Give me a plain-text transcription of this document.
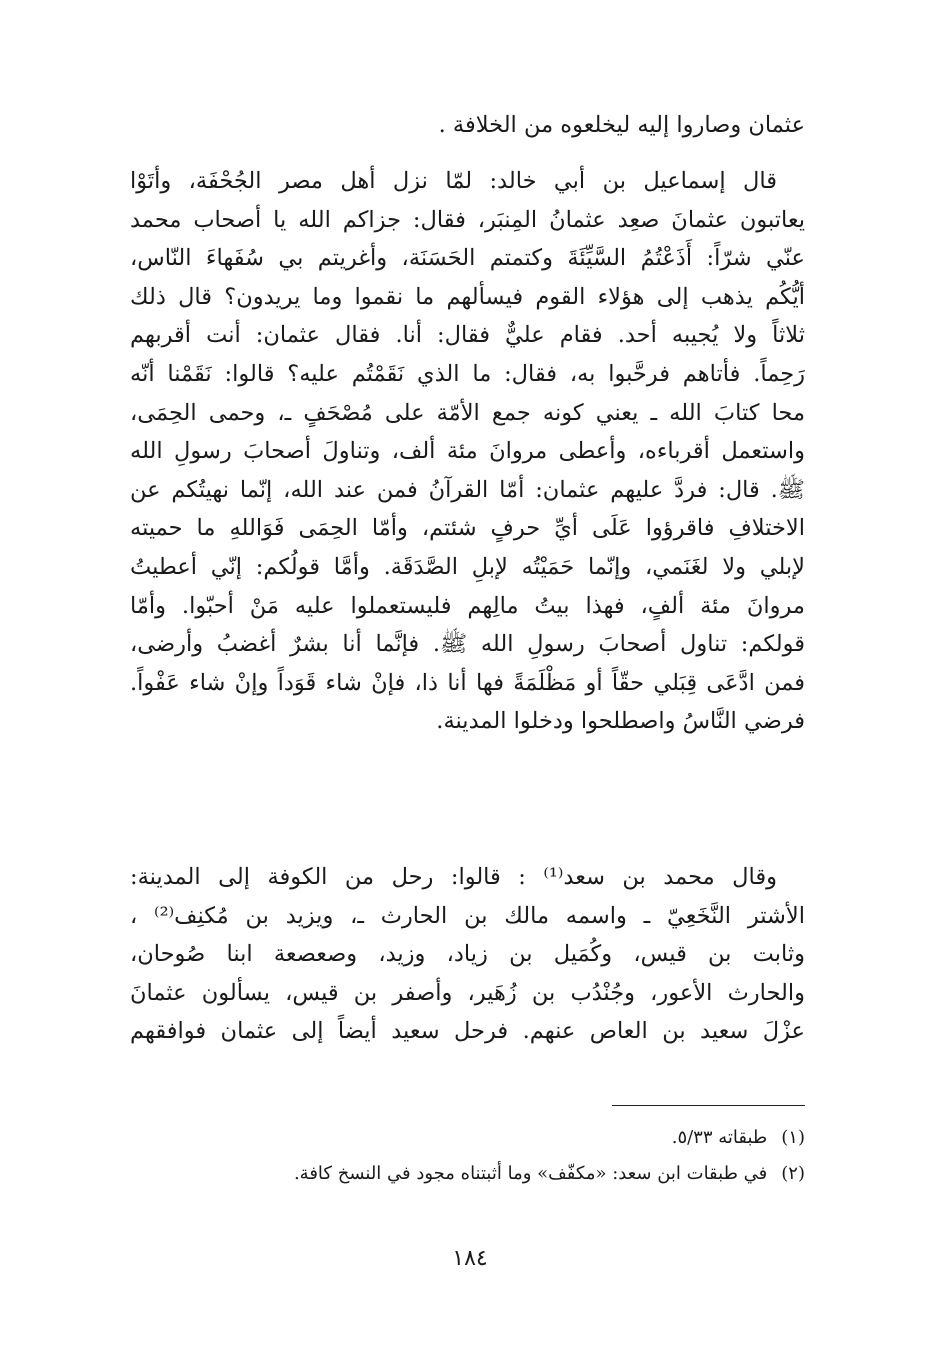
عثمان وصاروا إليه ليخلعوه من الخلافة .
قال إسماعيل بن أبي خالد: لمّا نزل أهل مصر الجُحْفَة، وأتَوْا
يعاتبون عثمانَ صعِد عثمانُ المِنبَر، فقال: جزاكم الله يا أصحاب محمد
عنّي شرّاً: أَذَعْتُمُ السَّيِّئَةَ وكتمتم الحَسَنَة، وأغريتم بي سُفَهاءَ النّاس،
أيُّكُم يذهب إلى هؤلاء القوم فيسألهم ما نقموا وما يريدون؟ قال ذلك
ثلاثاً ولا يُجيبه أحد. فقام عليٌّ فقال: أنا. فقال عثمان: أنت أقربهم
رَحِماً. فأتاهم فرحَّبوا به، فقال: ما الذي نَقَمْتُم عليه؟ قالوا: نَقَمْنا أنّه
محا كتابَ الله ـ يعني كونه جمع الأمّة على مُصْحَفٍ ـ، وحمى الحِمَى،
واستعمل أقرباءه، وأعطى مروانَ مئة ألف، وتناولَ أصحابَ رسولِ الله
ﷺ. قال: فردَّ عليهم عثمان: أمّا القرآنُ فمن عند الله، إنّما نهيتُكم عن
الاختلافِ فاقرؤوا عَلَى أيِّ حرفٍ شئتم، وأمّا الحِمَى فَوَاللهِ ما حميته
لإبلي ولا لغَنَمي، وإنّما حَمَيْتُه لإبلِ الصَّدَقَة. وأمَّا قولُكم: إنّي أعطيتُ
مروانَ مئة ألفٍ، فهذا بيتُ مالِهم فليستعملوا عليه مَنْ أحبّوا. وأمّا
قولكم: تناول أصحابَ رسولِ الله ﷺ. فإنَّما أنا بشرٌ أغضبُ وأرضى،
فمن ادَّعَى قِبَلي حقّاً أو مَظْلَمَةً فها أنا ذا، فإنْ شاء قَوَداً وإنْ شاء عَفْواً.
فرضي النَّاسُ واصطلحوا ودخلوا المدينة.
وقال محمد بن سعد⁽¹⁾ : قالوا: رحل من الكوفة إلى المدينة:
الأشتر النَّخَعِيّ ـ واسمه مالك بن الحارث ـ، ويزيد بن مُكنِف⁽²⁾ ،
وثابت بن قيس، وكُمَيل بن زياد، وزيد، وصعصعة ابنا صُوحان،
والحارث الأعور، وجُنْدُب بن زُهَير، وأصفر بن قيس، يسألون عثمانَ
عزْلَ سعيد بن العاص عنهم. فرحل سعيد أيضاً إلى عثمان فوافقهم
(١)طبقاته ٥/٣٣.
(٢)في طبقات ابن سعد: «مكفّف» وما أثبتناه مجود في النسخ كافة.
١٨٤
